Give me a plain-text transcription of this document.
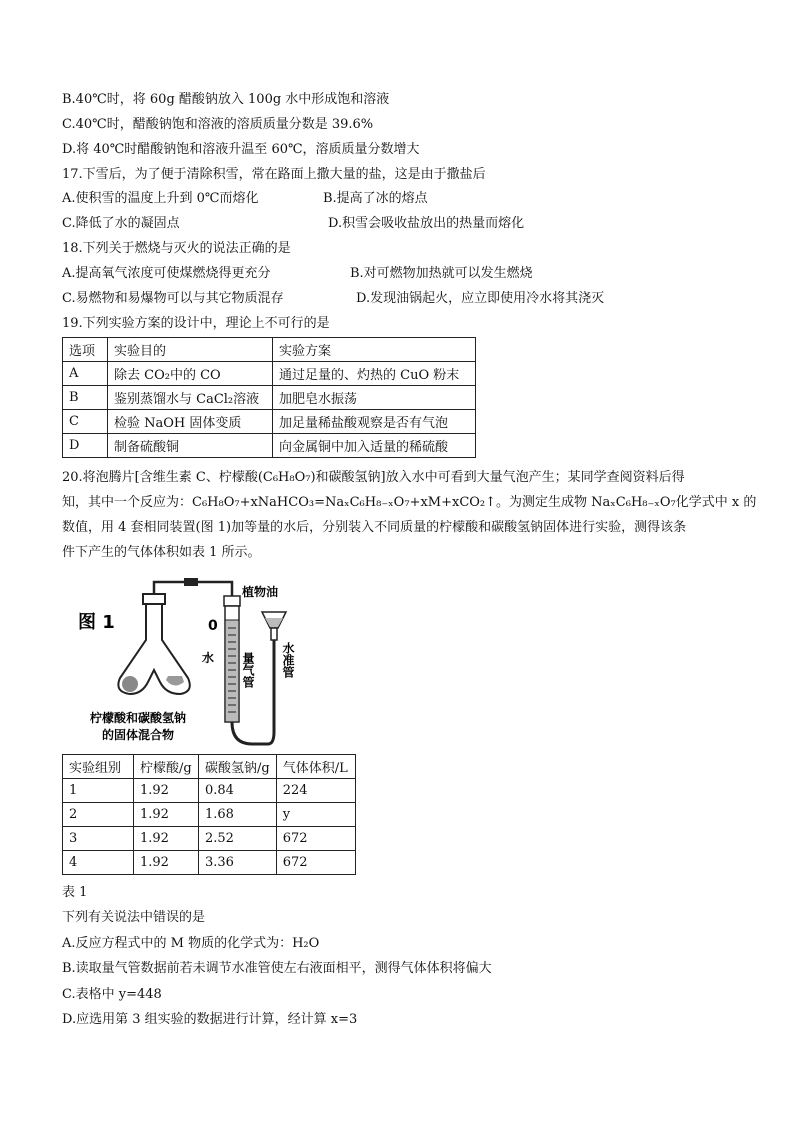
B.40℃时，将 60g 醋酸钠放入 100g 水中形成饱和溶液
C.40℃时，醋酸钠饱和溶液的溶质质量分数是 39.6%
D.将 40℃时醋酸钠饱和溶液升温至 60℃，溶质质量分数增大
17.下雪后，为了便于清除积雪，常在路面上撒大量的盐，这是由于撒盐后
A.使积雪的温度上升到 0℃而熔化	B.提高了冰的熔点
C.降低了水的凝固点	D.积雪会吸收盐放出的热量而熔化
18.下列关于燃烧与灭火的说法正确的是
A.提高氧气浓度可使煤燃烧得更充分	B.对可燃物加热就可以发生燃烧
C.易燃物和易爆物可以与其它物质混存	D.发现油锅起火，应立即使用冷水将其浇灭
19.下列实验方案的设计中，理论上不可行的是
选项	实验目的	实验方案
A	除去 CO₂中的 CO	通过足量的、灼热的 CuO 粉末
B	鉴别蒸馏水与 CaCl₂溶液	加肥皂水振荡
C	检验 NaOH 固体变质	加足量稀盐酸观察是否有气泡
D	制备硫酸铜	向金属铜中加入适量的稀硫酸
20.将泡腾片[含维生素 C、柠檬酸(C₆H₈O₇)和碳酸氢钠]放入水中可看到大量气泡产生；某同学查阅资料后得
知，其中一个反应为：C₆H₈O₇+xNaHCO₃=NaₓC₆H₈₋ₓO₇+xM+xCO₂↑。为测定生成物 NaₓC₆H₈₋ₓO₇化学式中 x 的
数值，用 4 套相同装置(图 1)加等量的水后，分别装入不同质量的柠檬酸和碳酸氢钠固体进行实验，测得该条
件下产生的气体体积如表 1 所示。
图 1
植物油
0
水 量气管 水准管
柠檬酸和碳酸氢钠
的固体混合物
实验组别	柠檬酸/g	碳酸氢钠/g	气体体积/L
1	1.92	0.84	224
2	1.92	1.68	y
3	1.92	2.52	672
4	1.92	3.36	672
表 1
下列有关说法中错误的是
A.反应方程式中的 M 物质的化学式为：H₂O
B.读取量气管数据前若未调节水准管使左右液面相平，测得气体体积将偏大
C.表格中 y=448
D.应选用第 3 组实验的数据进行计算，经计算 x=3
